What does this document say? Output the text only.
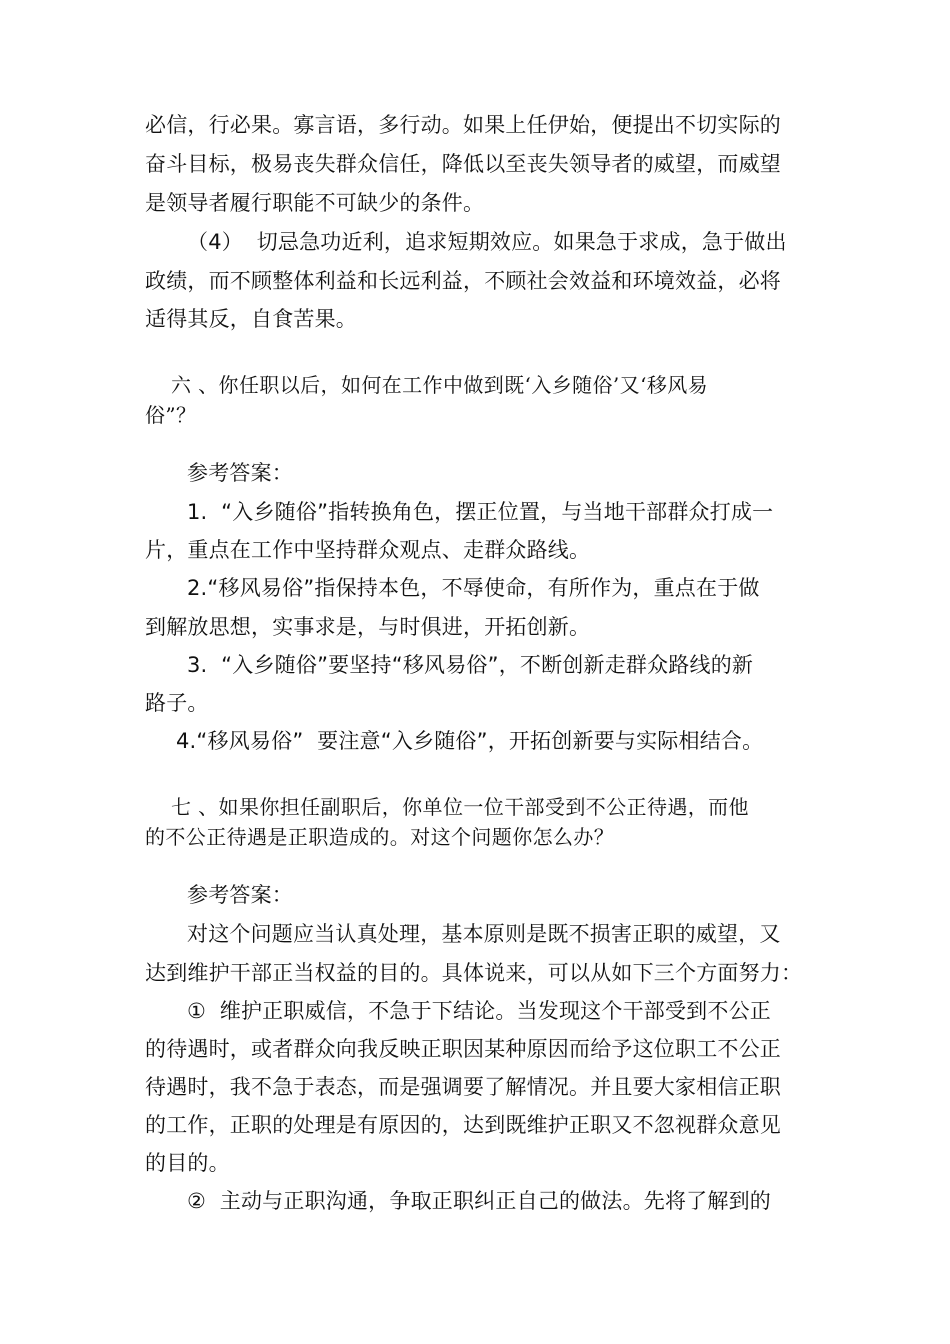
必信，行必果。寡言语，多行动。如果上任伊始，便提出不切实际的

奋斗目标，极易丧失群众信任，降低以至丧失领导者的威望，而威望

是领导者履行职能不可缺少的条件。

（4）  切忌急功近利，追求短期效应。如果急于求成，急于做出

政绩，而不顾整体利益和长远利益，不顾社会效益和环境效益，必将

适得其反，自食苦果。

六 、你任职以后，如何在工作中做到既‘入乡随俗’又‘移风易

俗”？

参考答案：

1.  “入乡随俗”指转换角色，摆正位置，与当地干部群众打成一

片，重点在工作中坚持群众观点、走群众路线。

2.“移风易俗”指保持本色，不辱使命，有所作为，重点在于做

到解放思想，实事求是，与时俱进，开拓创新。

3.  “入乡随俗”要坚持“移风易俗”，不断创新走群众路线的新

路子。

4.“移风易俗”  要注意“入乡随俗”，开拓创新要与实际相结合。

七 、如果你担任副职后，你单位一位干部受到不公正待遇，而他

的不公正待遇是正职造成的。对这个问题你怎么办？

参考答案：

对这个问题应当认真处理，基本原则是既不损害正职的威望，又

达到维护干部正当权益的目的。具体说来，可以从如下三个方面努力：

①  维护正职威信，不急于下结论。当发现这个干部受到不公正

的待遇时，或者群众向我反映正职因某种原因而给予这位职工不公正

待遇时，我不急于表态，而是强调要了解情况。并且要大家相信正职

的工作，正职的处理是有原因的，达到既维护正职又不忽视群众意见

的目的。

②  主动与正职沟通，争取正职纠正自己的做法。先将了解到的
